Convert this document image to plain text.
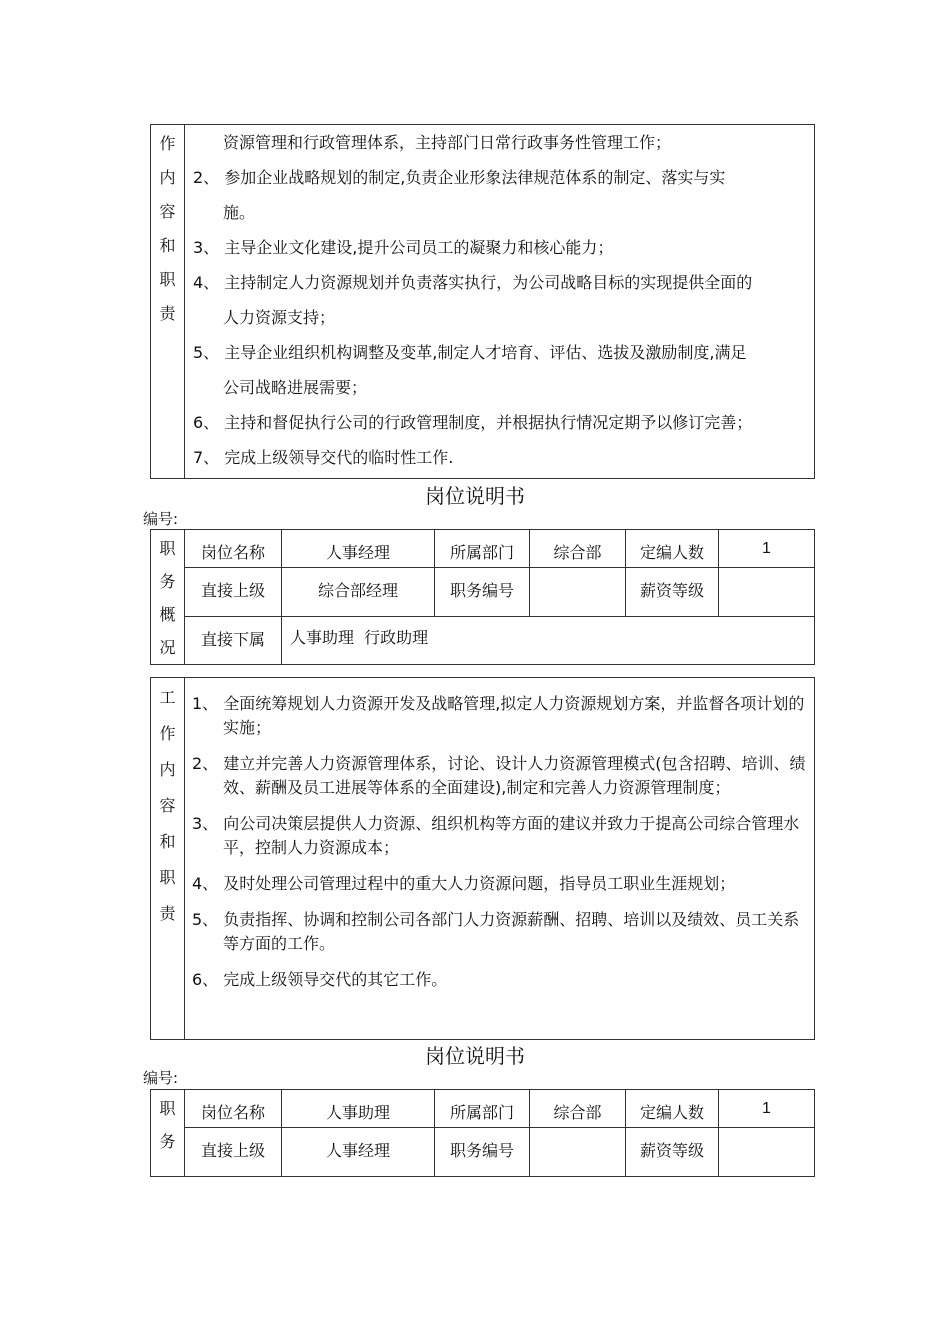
作
内
容
和
职
责

资源管理和行政管理体系，主持部门日常行政事务性管理工作；

2、 参加企业战略规划的制定,负责企业形象法律规范体系的制定、落实与实

施。

3、 主导企业文化建设,提升公司员工的凝聚力和核心能力；

4、 主持制定人力资源规划并负责落实执行，为公司战略目标的实现提供全面的

人力资源支持；

5、 主导企业组织机构调整及变革,制定人才培育、评估、选拔及激励制度,满足

公司战略进展需要；

6、 主持和督促执行公司的行政管理制度，并根据执行情况定期予以修订完善；

7、 完成上级领导交代的临时性工作.

岗位说明书
编号:
职
务
概
况	岗位名称	人事经理	所属部门	综合部	定编人数	1
	直接上级	综合部经理	职务编号		薪资等级	
	直接下属	人事助理  行政助理				
工
作
内
容
和
职
责

1、 全面统筹规划人力资源开发及战略管理,拟定人力资源规划方案，并监督各项计划的实施；

2、 建立并完善人力资源管理体系，讨论、设计人力资源管理模式(包含招聘、培训、绩效、薪酬及员工进展等体系的全面建设),制定和完善人力资源管理制度；

3、 向公司决策层提供人力资源、组织机构等方面的建议并致力于提高公司综合管理水平，控制人力资源成本；

4、 及时处理公司管理过程中的重大人力资源问题，指导员工职业生涯规划；

5、 负责指挥、协调和控制公司各部门人力资源薪酬、招聘、培训以及绩效、员工关系等方面的工作。

6、 完成上级领导交代的其它工作。

岗位说明书
编号:
职
务	岗位名称	人事助理	所属部门	综合部	定编人数	1
	直接上级	人事经理	职务编号		薪资等级	
